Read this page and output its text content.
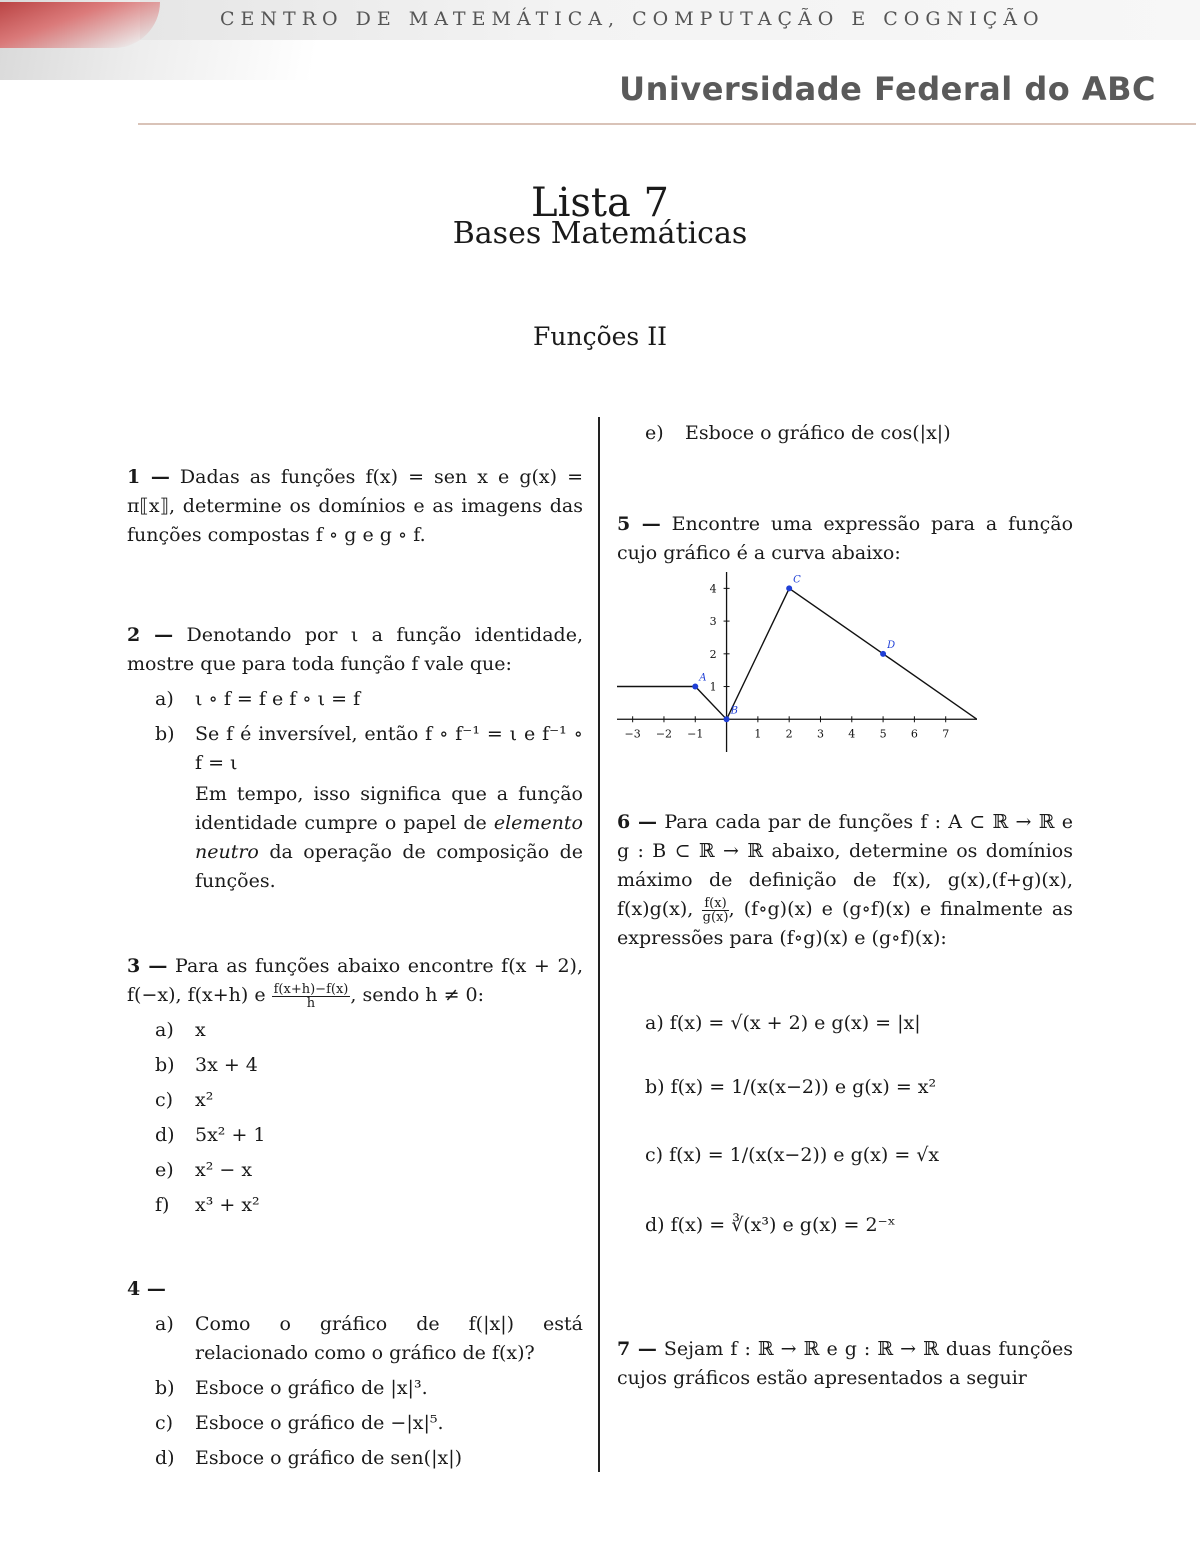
CENTRO DE MATEMÁTICA, COMPUTAÇÃO E COGNIÇÃO
Universidade Federal do ABC
Lista 7
Bases Matemáticas
Funções II

1 — Dadas as funções f(x) = sen x e g(x) = π⟦x⟧, determine os domínios e as imagens das funções compostas f ∘ g e g ∘ f.

2 — Denotando por ι a função identidade, mostre que para toda função f vale que:

a)	ι ∘ f = f e f ∘ ι = f
b)	Se f é inversível, então f ∘ f⁻¹ = ι e f⁻¹ ∘ f = ι
Em tempo, isso significa que a função identidade cumpre o papel de elemento neutro da operação de composição de funções.

3 — Para as funções abaixo encontre f(x + 2), f(−x), f(x+h) e $\frac{f(x+h)-f(x)}{h}$ , sendo h ≠ 0:

a)	x
b)	3x + 4
c)	x²
d)	5x² + 1
e)	x² − x
f)	x³ + x²

4 —

a)	Como o gráfico de f(|x|) está relacionado como o gráfico de f(x)?
b)	Esboce o gráfico de |x|³.
c)	Esboce o gráfico de −|x|⁵.
d)	Esboce o gráfico de sen(|x|)
e)	Esboce o gráfico de cos(|x|)

5 — Encontre uma expressão para a função cujo gráfico é a curva abaixo:

−3 −2 −1	1 2 3 4 5 6 7
1
2
3
4
A
B
C
D

6 — Para cada par de funções f : A ⊂ ℝ → ℝ e g : B ⊂ ℝ → ℝ abaixo, determine os domínios máximo de definição de f(x), g(x),(f+g)(x), f(x)g(x), $\frac{f(x)}{g(x)}$ , (f∘g)(x) e (g∘f)(x) e finalmente as expressões para (f∘g)(x) e (g∘f)(x):

a) f(x) = √(x + 2) e g(x) = |x|
b) f(x) = 1/(x(x−2)) e g(x) = x²
c) f(x) = 1/(x(x−2)) e g(x) = √x
d) f(x) = ∛(x³) e g(x) = 2⁻ˣ

7 — Sejam f : ℝ → ℝ e g : ℝ → ℝ duas funções cujos gráficos estão apresentados a seguir
